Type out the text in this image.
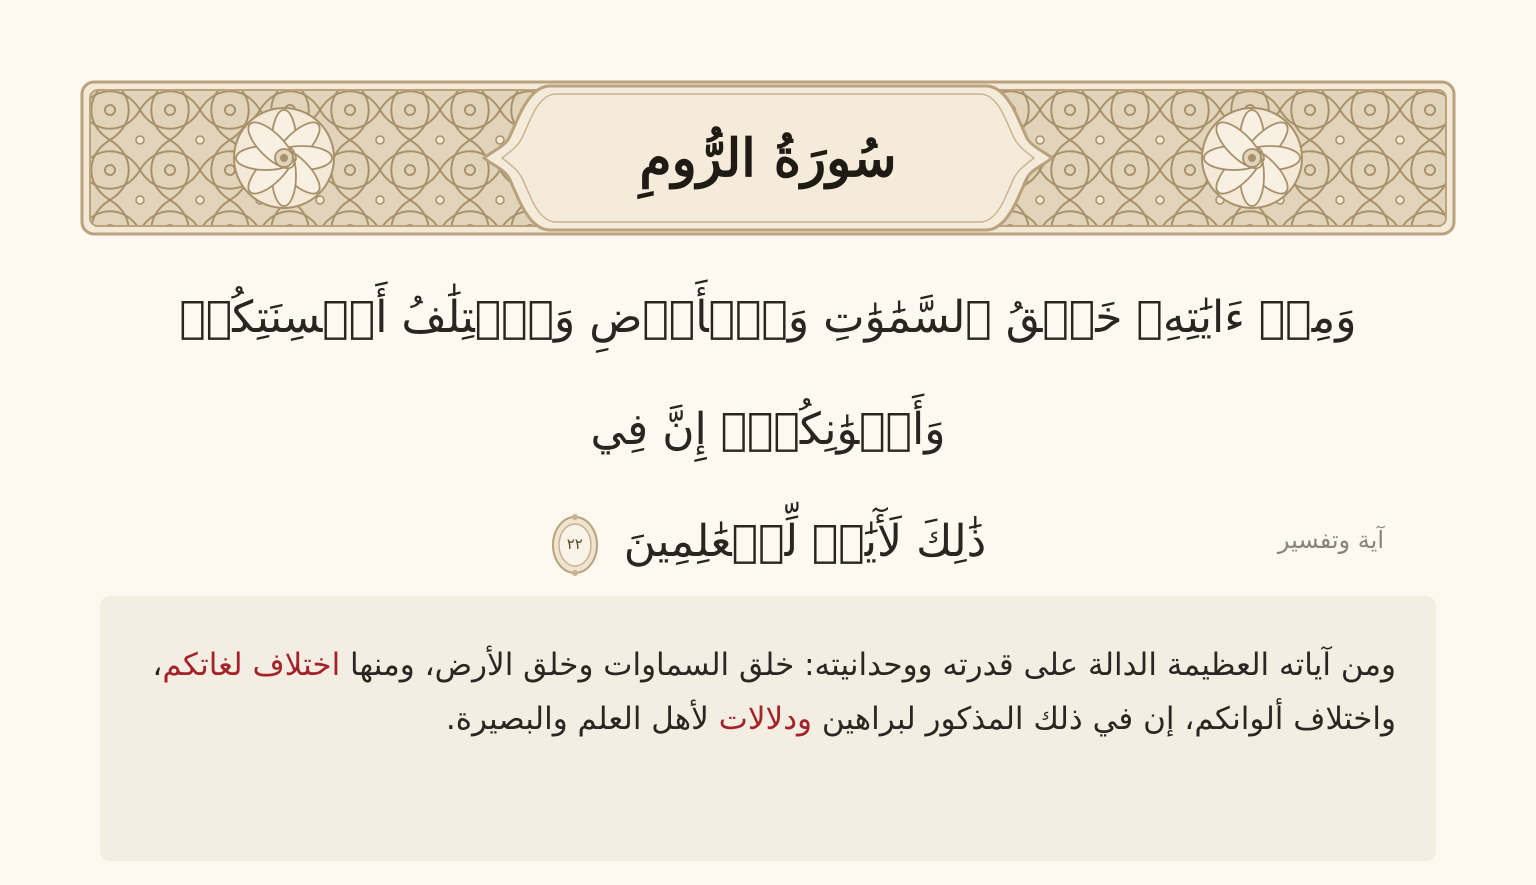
سُورَةُ الرُّومِ
وَمِنۡ ءَايَٰتِهِۦ خَلۡقُ ٱلسَّمَٰوَٰتِ وَٱلۡأَرۡضِ وَٱخۡتِلَٰفُ أَلۡسِنَتِكُمۡ وَأَلۡوَٰنِكُمۡۚ إِنَّ فِي
ذَٰلِكَ لَأٓيَٰتٖ لِّلۡعَٰلِمِينَ
٢٢	آية وتفسير
ومن آياته العظيمة الدالة على قدرته ووحدانيته: خلق السماوات وخلق الأرض، ومنها اختلاف لغاتكم، واختلاف ألوانكم، إن في ذلك المذكور لبراهين ودلالات لأهل العلم والبصيرة.
